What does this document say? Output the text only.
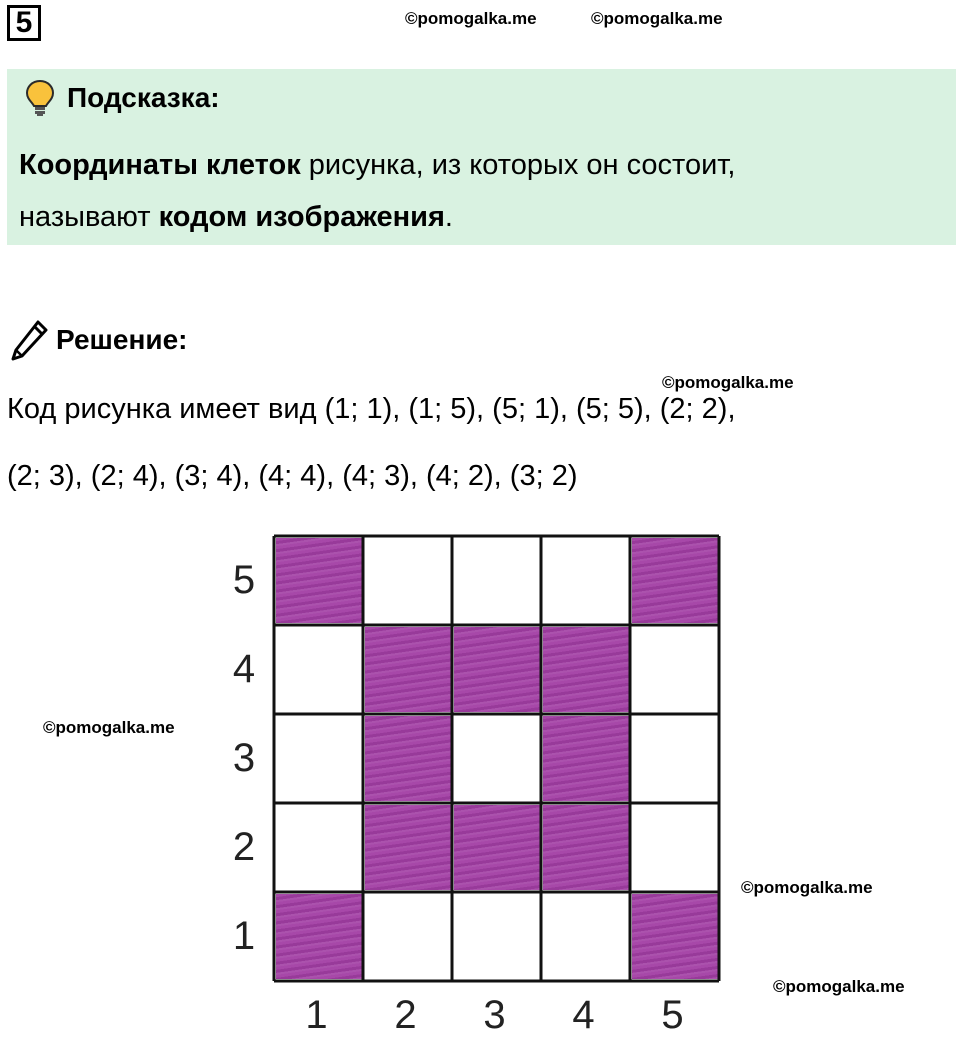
5	©pomogalka.me	©pomogalka.me
Подсказка:
Координаты клеток рисунка, из которых он состоит,
называют кодом изображения.
Решение:
©pomogalka.me
Код рисунка имеет вид (1; 1), (1; 5), (5; 1), (5; 5), (2; 2),
(2; 3), (2; 4), (3; 4), (4; 4), (4; 3), (4; 2), (3; 2)
©pomogalka.me
©pomogalka.me
©pomogalka.me
5
4
3
2
1
1 2 3 4 5
